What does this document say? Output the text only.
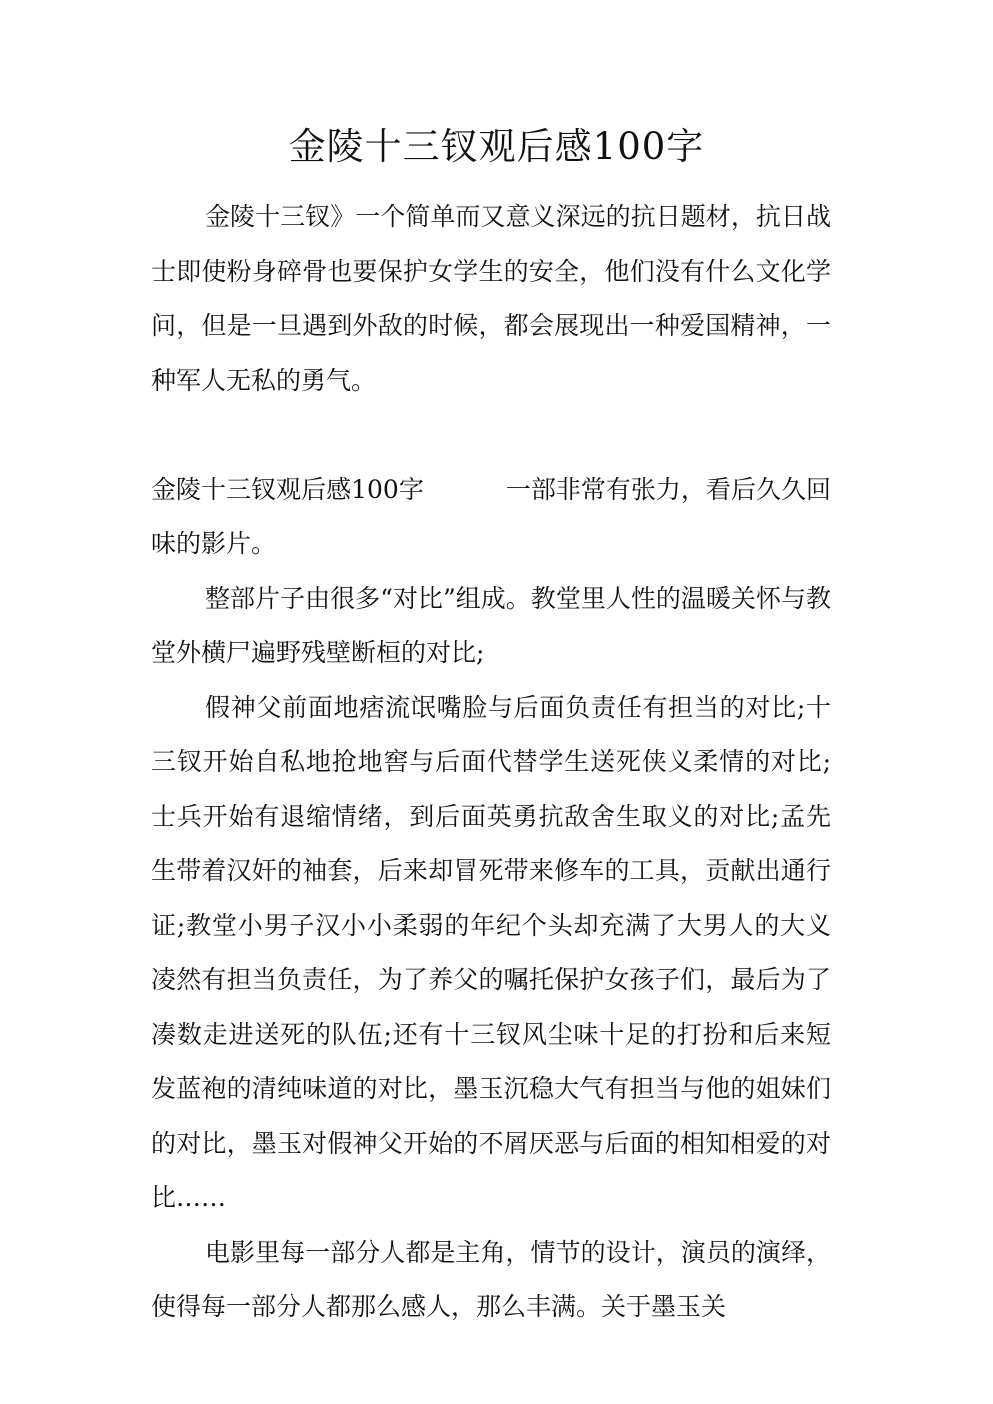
金陵十三钗观后感100字

金陵十三钗》一个简单而又意义深远的抗日题材，抗日战士即使粉身碎骨也要保护女学生的安全，他们没有什么文化学问，但是一旦遇到外敌的时候，都会展现出一种爱国精神，一种军人无私的勇气。

金陵十三钗观后感100字	一部非常有张力，看后久久回味的影片。

整部片子由很多“对比”组成。教堂里人性的温暖关怀与教堂外横尸遍野残壁断桓的对比;

假神父前面地痞流氓嘴脸与后面负责任有担当的对比;十三钗开始自私地抢地窖与后面代替学生送死侠义柔情的对比;士兵开始有退缩情绪，到后面英勇抗敌舍生取义的对比;孟先生带着汉奸的袖套，后来却冒死带来修车的工具，贡献出通行证;教堂小男子汉小小柔弱的年纪个头却充满了大男人的大义凌然有担当负责任，为了养父的嘱托保护女孩子们，最后为了凑数走进送死的队伍;还有十三钗风尘味十足的打扮和后来短发蓝袍的清纯味道的对比，墨玉沉稳大气有担当与他的姐妹们的对比，墨玉对假神父开始的不屑厌恶与后面的相知相爱的对比……

电影里每一部分人都是主角，情节的设计，演员的演绎，使得每一部分人都那么感人，那么丰满。关于墨玉关
